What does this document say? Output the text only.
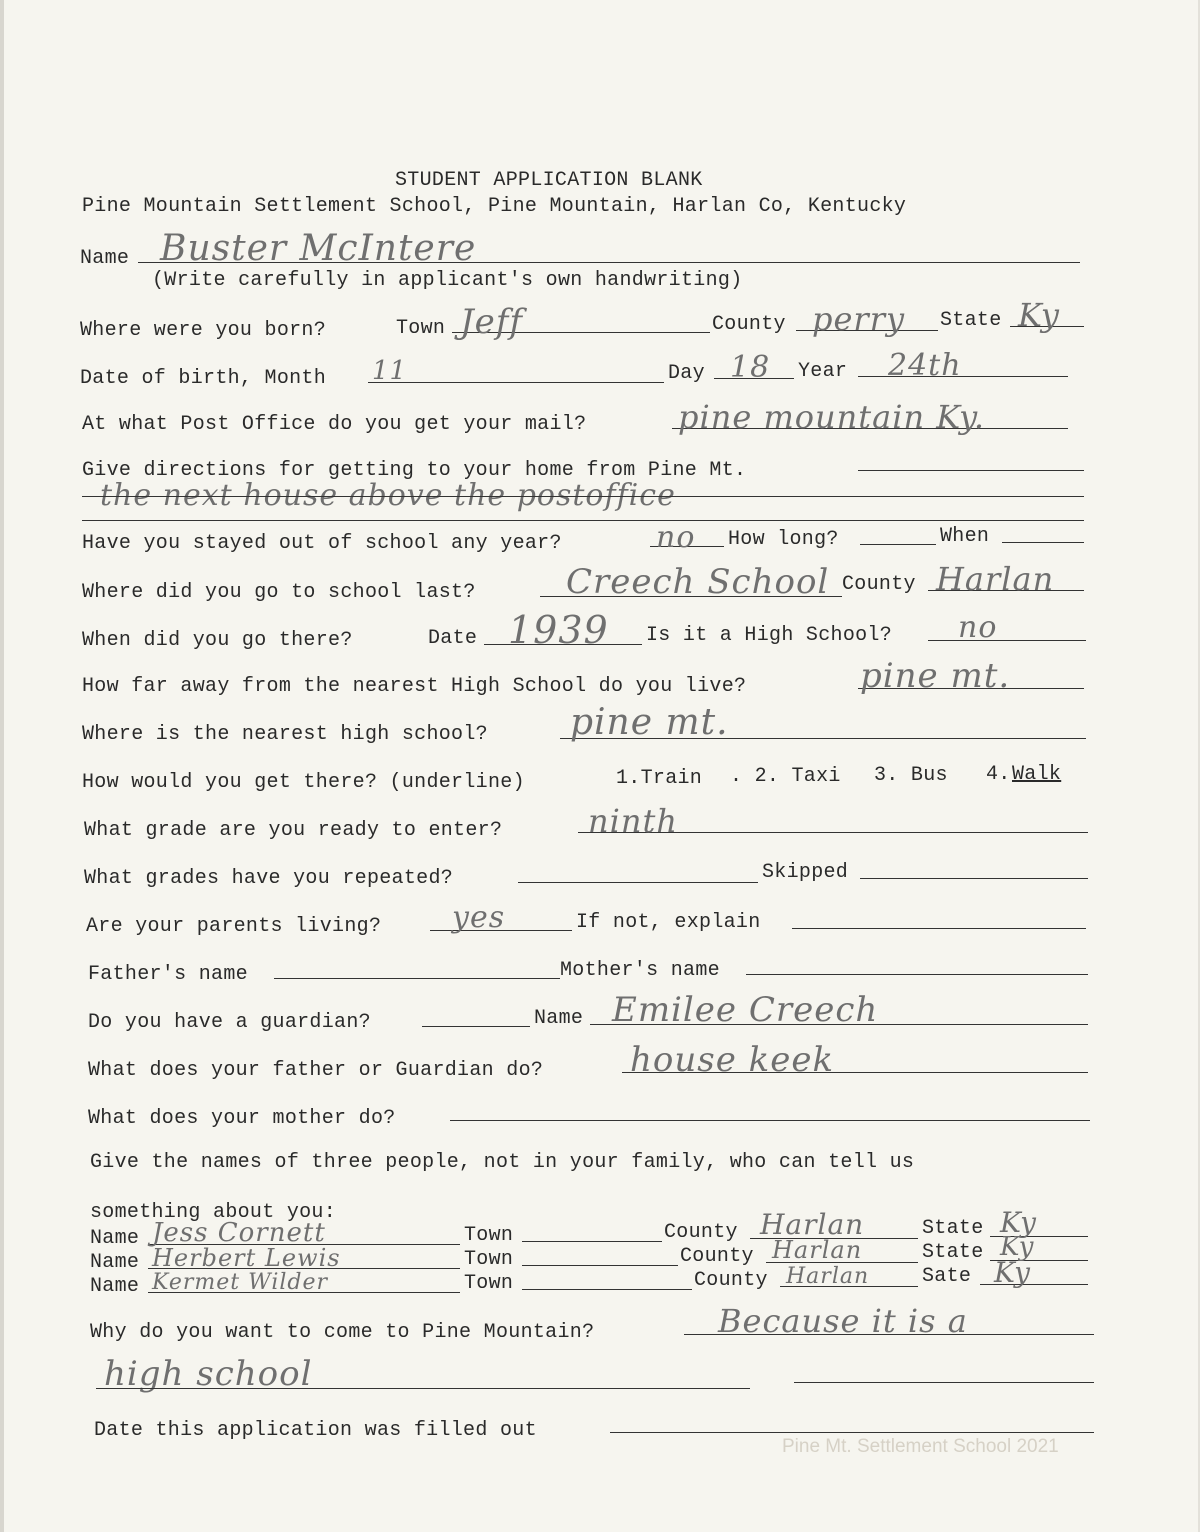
STUDENT APPLICATION BLANK
Pine Mountain Settlement School, Pine Mountain, Harlan Co, Kentucky
Name Buster McIntere
(Write carefully in applicant's own handwriting)
Where were you born?	Town Jeff	County perry State Ky
Date of birth, Month 11	Day 18 Year 24th
At what Post Office do you get your mail?	pine mountain Ky.
Give directions for getting to your home from Pine Mt.
the next house above the postoffice
Have you stayed out of school any year?	no How long?	When
Where did you go to school last?	Creech School County Harlan
When did you go there?	Date 1939 Is it a High School? no
How far away from the nearest High School do you live?	pine mt.
Where is the nearest high school? pine mt.
How would you get there? (underline)	1.Train . 2. Taxi 3. Bus 4. Walk
What grade are you ready to enter?	ninth
What grades have you repeated?	Skipped
Are your parents living? yes	If not, explain
Father's name	Mother's name
Do you have a guardian?	Name Emilee Creech
What does your father or Guardian do?	house keek
What does your mother do?
Give the names of three people, not in your family, who can tell us
something about you:
Name Jess Cornett	Town	County Harlan	State Ky
Name Herbert Lewis	Town	County Harlan	State Ky
Name Kermet Wilder	Town	County Harlan	Sate Ky
Why do you want to come to Pine Mountain?	Because it is a
high school
Date this application was filled out
Pine Mt. Settlement School 2021
